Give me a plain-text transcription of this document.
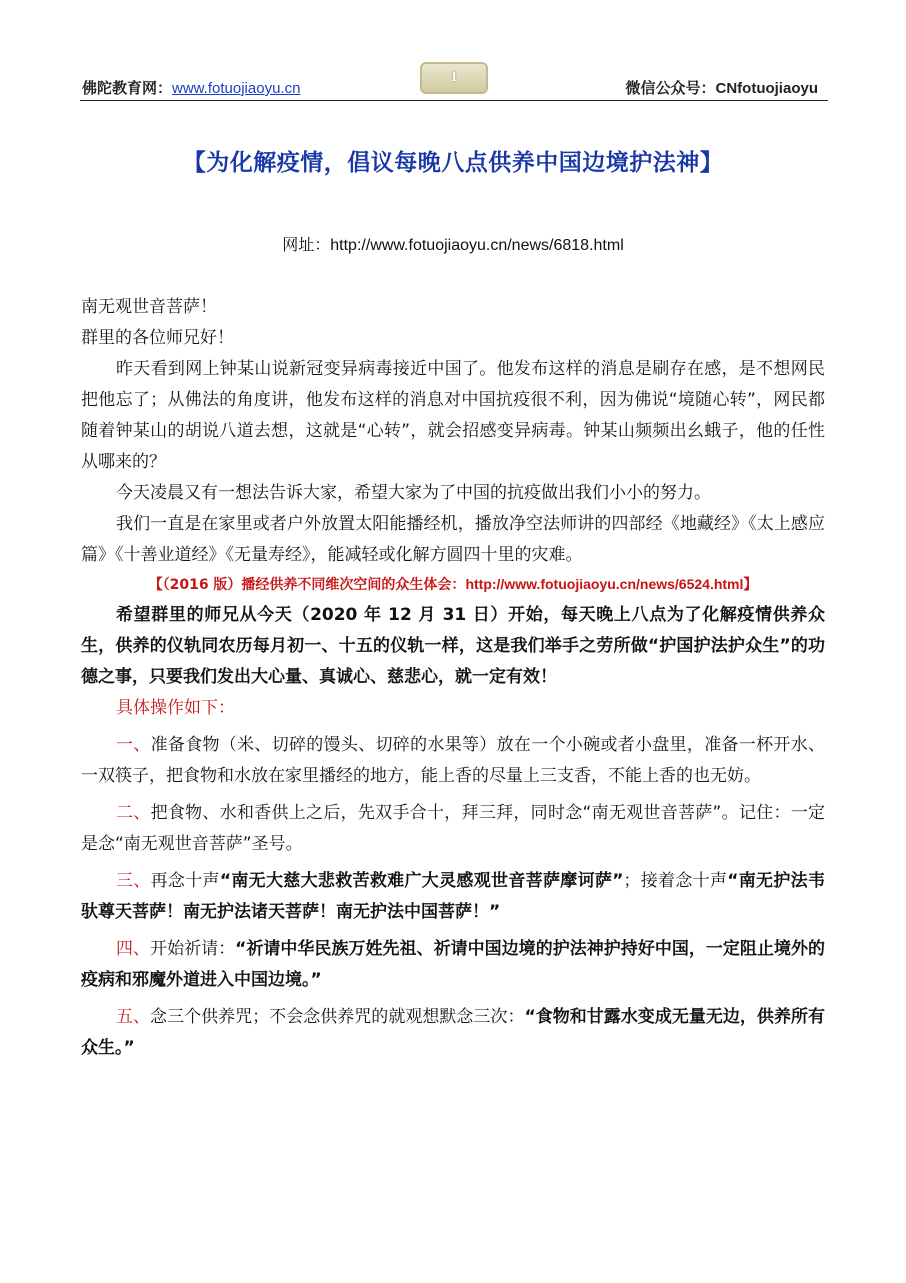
佛陀教育网：www.fotuojiaoyu.cn
1
微信公众号：CNfotuojiaoyu
【为化解疫情，倡议每晚八点供养中国边境护法神】
网址：http://www.fotuojiaoyu.cn/news/6818.html

南无观世音菩萨！

群里的各位师兄好！

昨天看到网上钟某山说新冠变异病毒接近中国了。他发布这样的消息是刷存在感，是不想网民把他忘了；从佛法的角度讲，他发布这样的消息对中国抗疫很不利，因为佛说“境随心转”，网民都随着钟某山的胡说八道去想，这就是“心转”，就会招感变异病毒。钟某山频频出幺蛾子，他的任性从哪来的？

今天凌晨又有一想法告诉大家，希望大家为了中国的抗疫做出我们小小的努力。

我们一直是在家里或者户外放置太阳能播经机，播放净空法师讲的四部经《地藏经》《太上感应篇》《十善业道经》《无量寿经》，能减轻或化解方圆四十里的灾难。

【（2016 版）播经供养不同维次空间的众生体会：http://www.fotuojiaoyu.cn/news/6524.html】

希望群里的师兄从今天（2020 年 12 月 31 日）开始，每天晚上八点为了化解疫情供养众生，供养的仪轨同农历每月初一、十五的仪轨一样，这是我们举手之劳所做“护国护法护众生”的功德之事，只要我们发出大心量、真诚心、慈悲心，就一定有效！

具体操作如下：

一、准备食物（米、切碎的馒头、切碎的水果等）放在一个小碗或者小盘里，准备一杯开水、一双筷子，把食物和水放在家里播经的地方，能上香的尽量上三支香，不能上香的也无妨。

二、把食物、水和香供上之后，先双手合十，拜三拜，同时念“南无观世音菩萨”。记住：一定是念“南无观世音菩萨”圣号。

三、再念十声“南无大慈大悲救苦救难广大灵感观世音菩萨摩诃萨”；接着念十声“南无护法韦驮尊天菩萨！南无护法诸天菩萨！南无护法中国菩萨！”

四、开始祈请：“祈请中华民族万姓先祖、祈请中国边境的护法神护持好中国，一定阻止境外的疫病和邪魔外道进入中国边境。”

五、念三个供养咒；不会念供养咒的就观想默念三次：“食物和甘露水变成无量无边，供养所有众生。”
